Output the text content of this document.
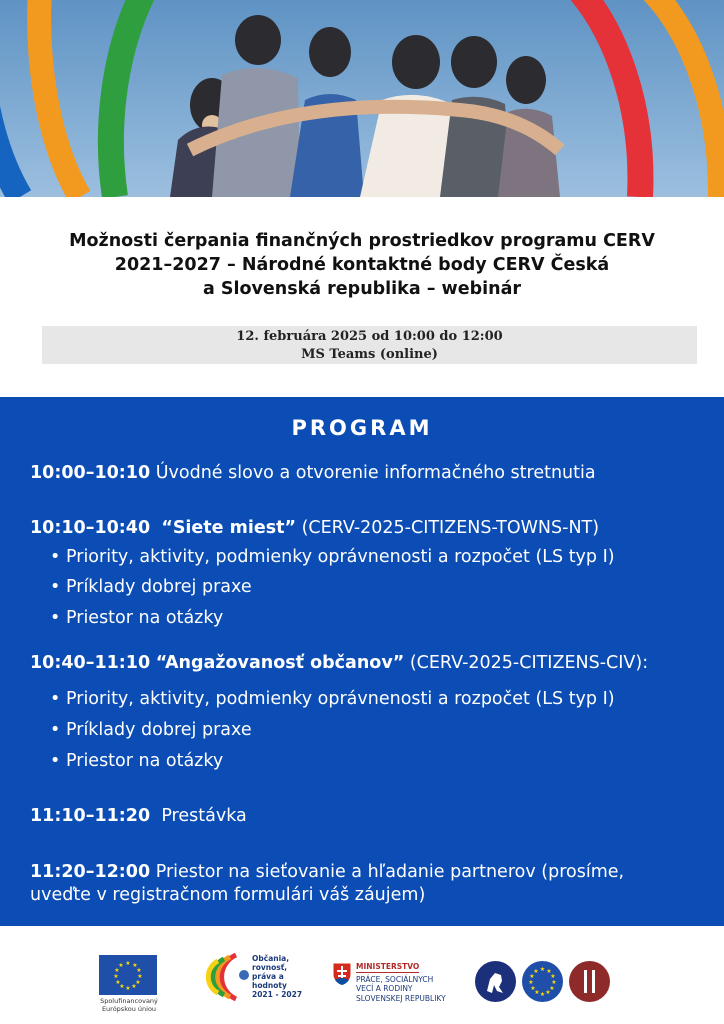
Možnosti čerpania finančných prostriedkov programu CERV
2021–2027 – Národné kontaktné body CERV Česká
a Slovenská republika – webinár
12. februára 2025 od 10:00 do 12:00
MS Teams (online)
PROGRAM
10:00–10:10 Úvodné slovo a otvorenie informačného stretnutia
10:10–10:40 “Siete miest” (CERV-2025-CITIZENS-TOWNS-NT)
• Priority, aktivity, podmienky oprávnenosti a rozpočet (LS typ I)
• Príklady dobrej praxe
• Priestor na otázky
10:40–11:10 “Angažovanosť občanov” (CERV-2025-CITIZENS-CIV):
• Priority, aktivity, podmienky oprávnenosti a rozpočet (LS typ I)
• Príklady dobrej praxe
• Priestor na otázky
11:10–11:20 Prestávka
11:20–12:00 Priestor na sieťovanie a hľadanie partnerov (prosíme,
uveďte v registračnom formulári váš záujem)
★ ★
★
★
★
★
★
★
★
★
★
★
Spolufinancovaný Európskou úniou
Občania, rovnosť, práva a hodnoty
2021 - 2027
MINISTERSTVO
PRÁCE, SOCIÁLNYCH
VECÍ A RODINY
SLOVENSKEJ REPUBLIKY
★ ★
★
★
★
★
★
★
★
★
★
★
